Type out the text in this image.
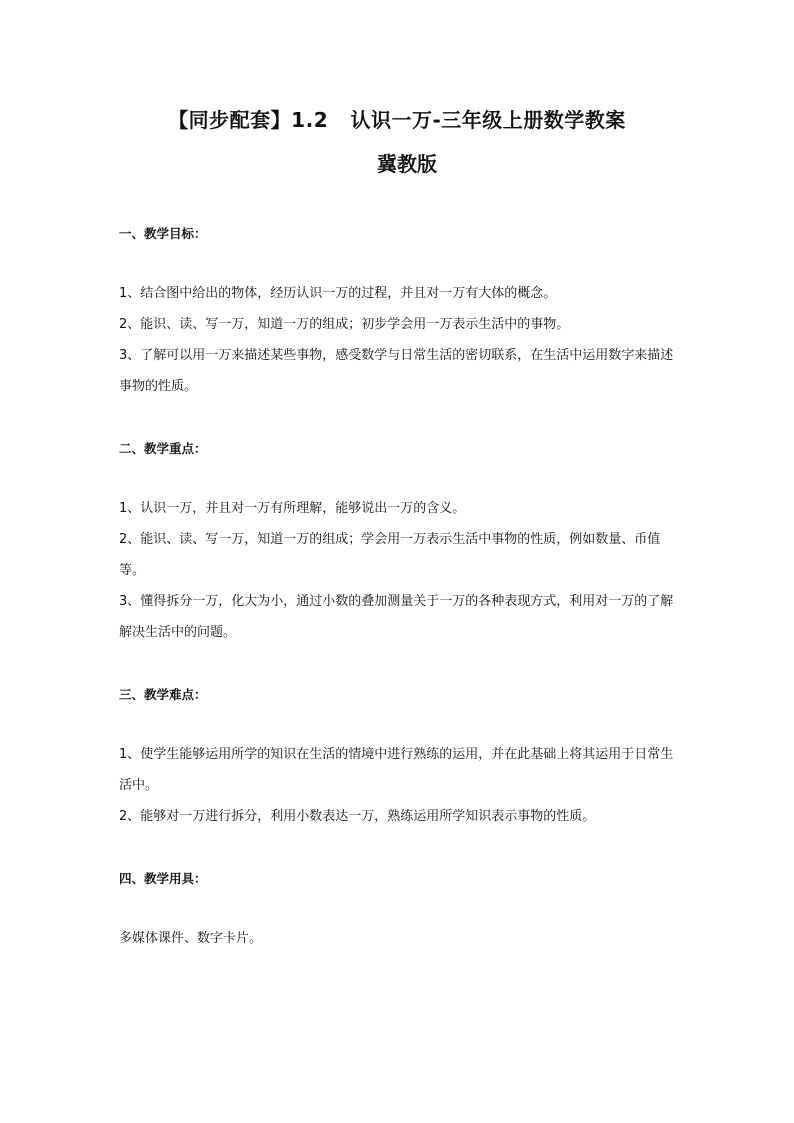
【同步配套】1.2   认识一万-三年级上册数学教案
冀教版

一、教学目标：

1、结合图中给出的物体，经历认识一万的过程，并且对一万有大体的概念。

2、能识、读、写一万，知道一万的组成；初步学会用一万表示生活中的事物。

3、了解可以用一万来描述某些事物，感受数学与日常生活的密切联系，在生活中运用数字来描述事物的性质。

二、教学重点：

1、认识一万，并且对一万有所理解，能够说出一万的含义。

2、能识、读、写一万，知道一万的组成；学会用一万表示生活中事物的性质，例如数量、币值等。

3、懂得拆分一万，化大为小，通过小数的叠加测量关于一万的各种表现方式，利用对一万的了解解决生活中的问题。

三、教学难点：

1、使学生能够运用所学的知识在生活的情境中进行熟练的运用，并在此基础上将其运用于日常生活中。

2、能够对一万进行拆分，利用小数表达一万，熟练运用所学知识表示事物的性质。

四、教学用具：

多媒体课件、数字卡片。
